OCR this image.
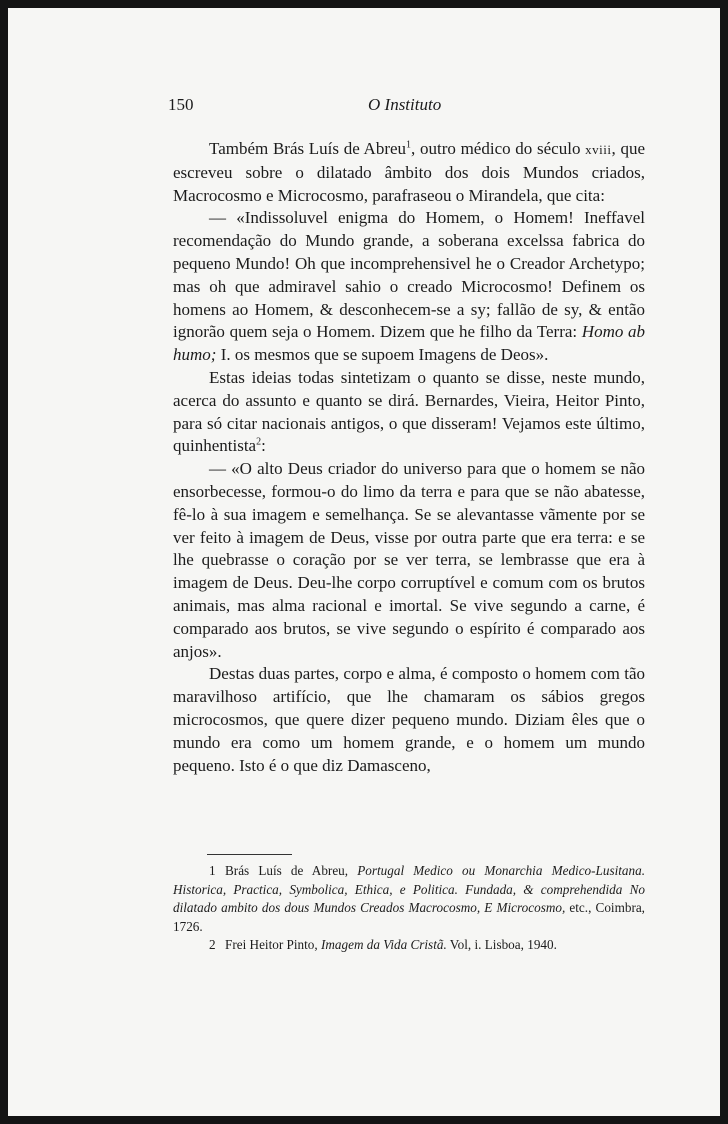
150	O Instituto

Também Brás Luís de Abreu$^1$, outro médico do século xviii, que escreveu sobre o dilatado âmbito dos dois Mundos criados, Macrocosmo e Microcosmo, parafraseou o Mirandela, que cita:

— «Indissoluvel enigma do Homem, o Homem! Ineffavel recomendação do Mundo grande, a soberana excelssa fabrica do pequeno Mundo! Oh que incomprehensivel he o Creador Archetypo; mas oh que admiravel sahio o creado Microcosmo! Definem os homens ao Homem, & desconhecem-se a sy; fallão de sy, & então ignorão quem seja o Homem. Dizem que he filho da Terra: Homo ab humo; I. os mesmos que se supoem Imagens de Deos».

Estas ideias todas sintetizam o quanto se disse, neste mundo, acerca do assunto e quanto se dirá. Bernardes, Vieira, Heitor Pinto, para só citar nacionais antigos, o que disseram! Vejamos este último, quinhentista$^2$:

— «O alto Deus criador do universo para que o homem se não ensorbecesse, formou-o do limo da terra e para que se não abatesse, fê-lo à sua imagem e semelhança. Se se alevantasse vãmente por se ver feito à imagem de Deus, visse por outra parte que era terra: e se lhe quebrasse o coração por se ver terra, se lembrasse que era à imagem de Deus. Deu-lhe corpo corruptível e comum com os brutos animais, mas alma racional e imortal. Se vive segundo a carne, é comparado aos brutos, se vive segundo o espírito é comparado aos anjos».

Destas duas partes, corpo e alma, é composto o homem com tão maravilhoso artifício, que lhe chamaram os sábios gregos microcosmos, que quere dizer pequeno mundo. Diziam êles que o mundo era como um homem grande, e o homem um mundo pequeno. Isto é o que diz Damasceno,

1 Brás Luís de Abreu, Portugal Medico ou Monarchia Medico-Lusitana. Historica, Practica, Symbolica, Ethica, e Politica. Fundada, & comprehendida No dilatado ambito dos dous Mundos Creados Macrocosmo, E Microcosmo, etc., Coimbra, 1726.

2 Frei Heitor Pinto, Imagem da Vida Cristã. Vol, i. Lisboa, 1940.
